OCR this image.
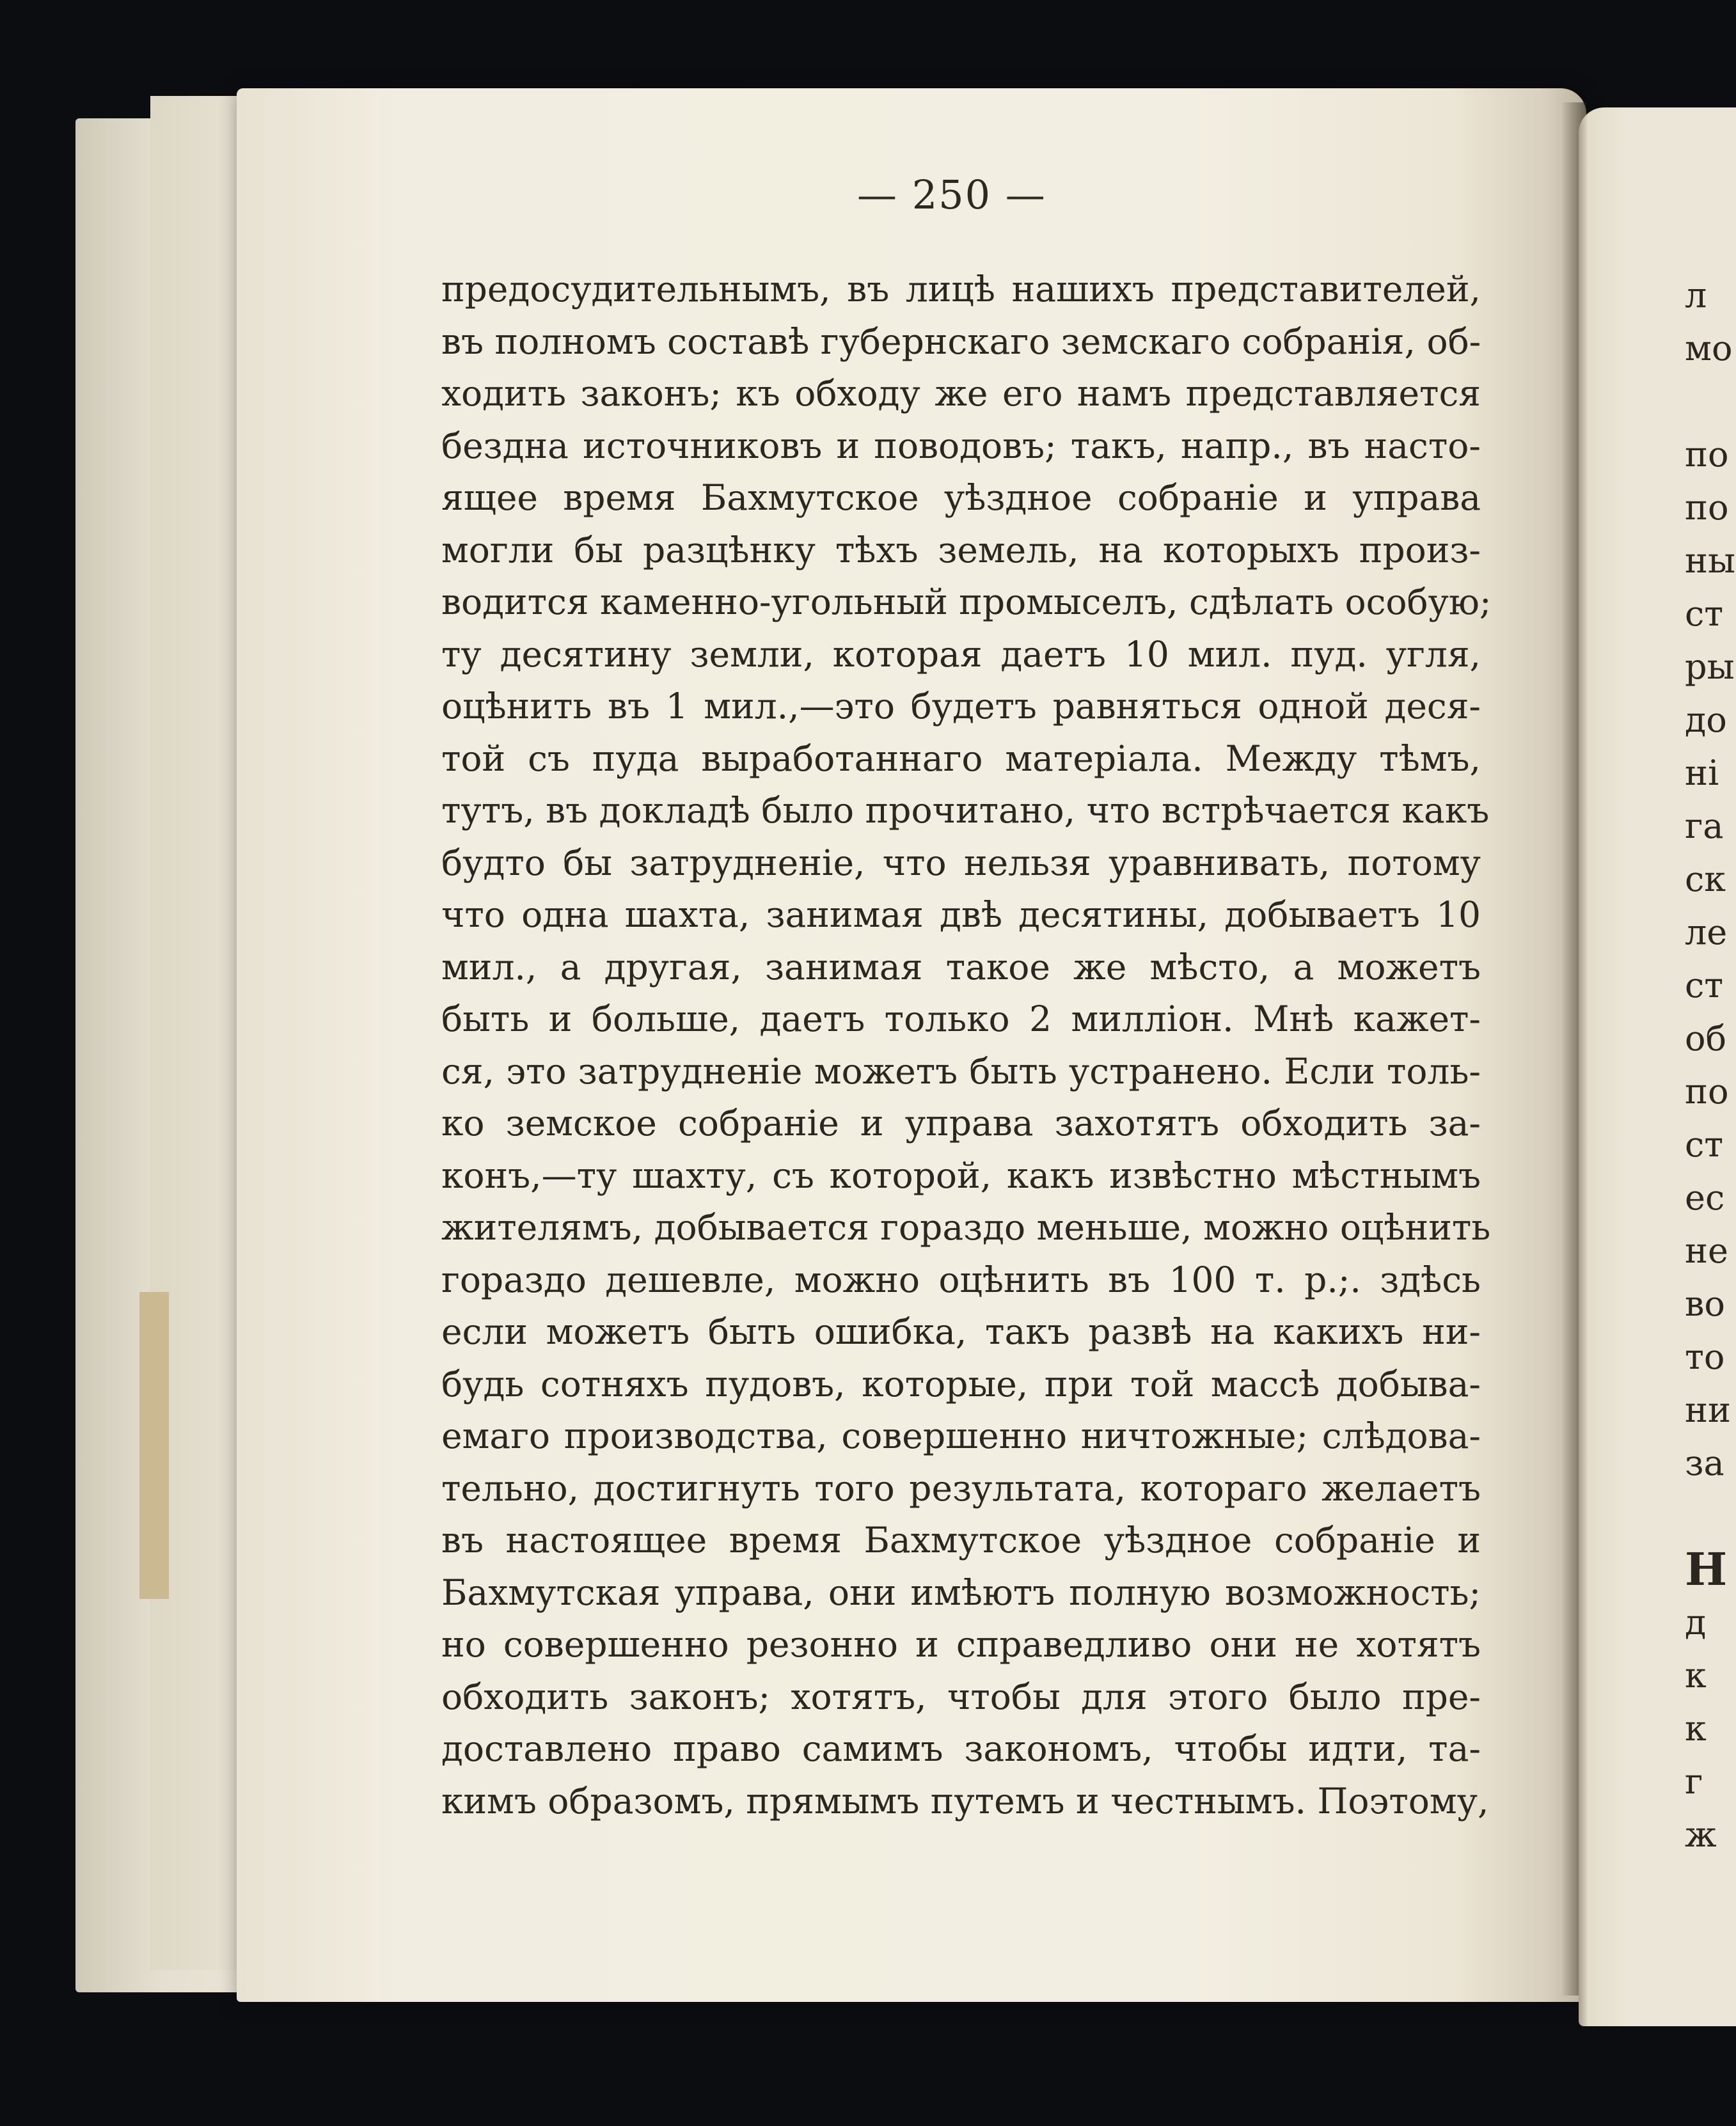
— 250 —
предосудительнымъ, въ лицѣ нашихъ представителей,
въ полномъ составѣ губернскаго земскаго собранія, об-
ходить законъ; къ обходу же его намъ представляется
бездна источниковъ и поводовъ; такъ, напр., въ насто-
ящее время Бахмутское уѣздное собраніе и управа
могли бы разцѣнку тѣхъ земель, на которыхъ произ-
водится каменно-угольный промыселъ, сдѣлать особую;
ту десятину земли, которая даетъ 10 мил. пуд. угля,
оцѣнить въ 1 мил.,—это будетъ равняться одной деся-
той съ пуда выработаннаго матеріала. Между тѣмъ,
тутъ, въ докладѣ было прочитано, что встрѣчается какъ
будто бы затрудненіе, что нельзя уравнивать, потому
что одна шахта, занимая двѣ десятины, добываетъ 10
мил., а другая, занимая такое же мѣсто, а можетъ
быть и больше, даетъ только 2 милліон. Мнѣ кажет-
ся, это затрудненіе можетъ быть устранено. Если толь-
ко земское собраніе и управа захотятъ обходить за-
конъ,—ту шахту, съ которой, какъ извѣстно мѣстнымъ
жителямъ, добывается гораздо меньше, можно оцѣнить
гораздо дешевле, можно оцѣнить въ 100 т. р.;. здѣсь
если можетъ быть ошибка, такъ развѣ на какихъ ни-
будь сотняхъ пудовъ, которые, при той массѣ добыва-
емаго производства, совершенно ничтожные; слѣдова-
тельно, достигнуть того результата, котораго желаетъ
въ настоящее время Бахмутское уѣздное собраніе и
Бахмутская управа, они имѣютъ полную возможность;
но совершенно резонно и справедливо они не хотятъ
обходить законъ; хотятъ, чтобы для этого было пре-
доставлено право самимъ закономъ, чтобы идти, та-
кимъ образомъ, прямымъ путемъ и честнымъ. Поэтому,
л
мо
по
по
ны
ст
ры
до
ні
га
ск
ле
ст
об
по
ст
ес
не
во
то
ни
за
Н
д
к
к
г
ж
